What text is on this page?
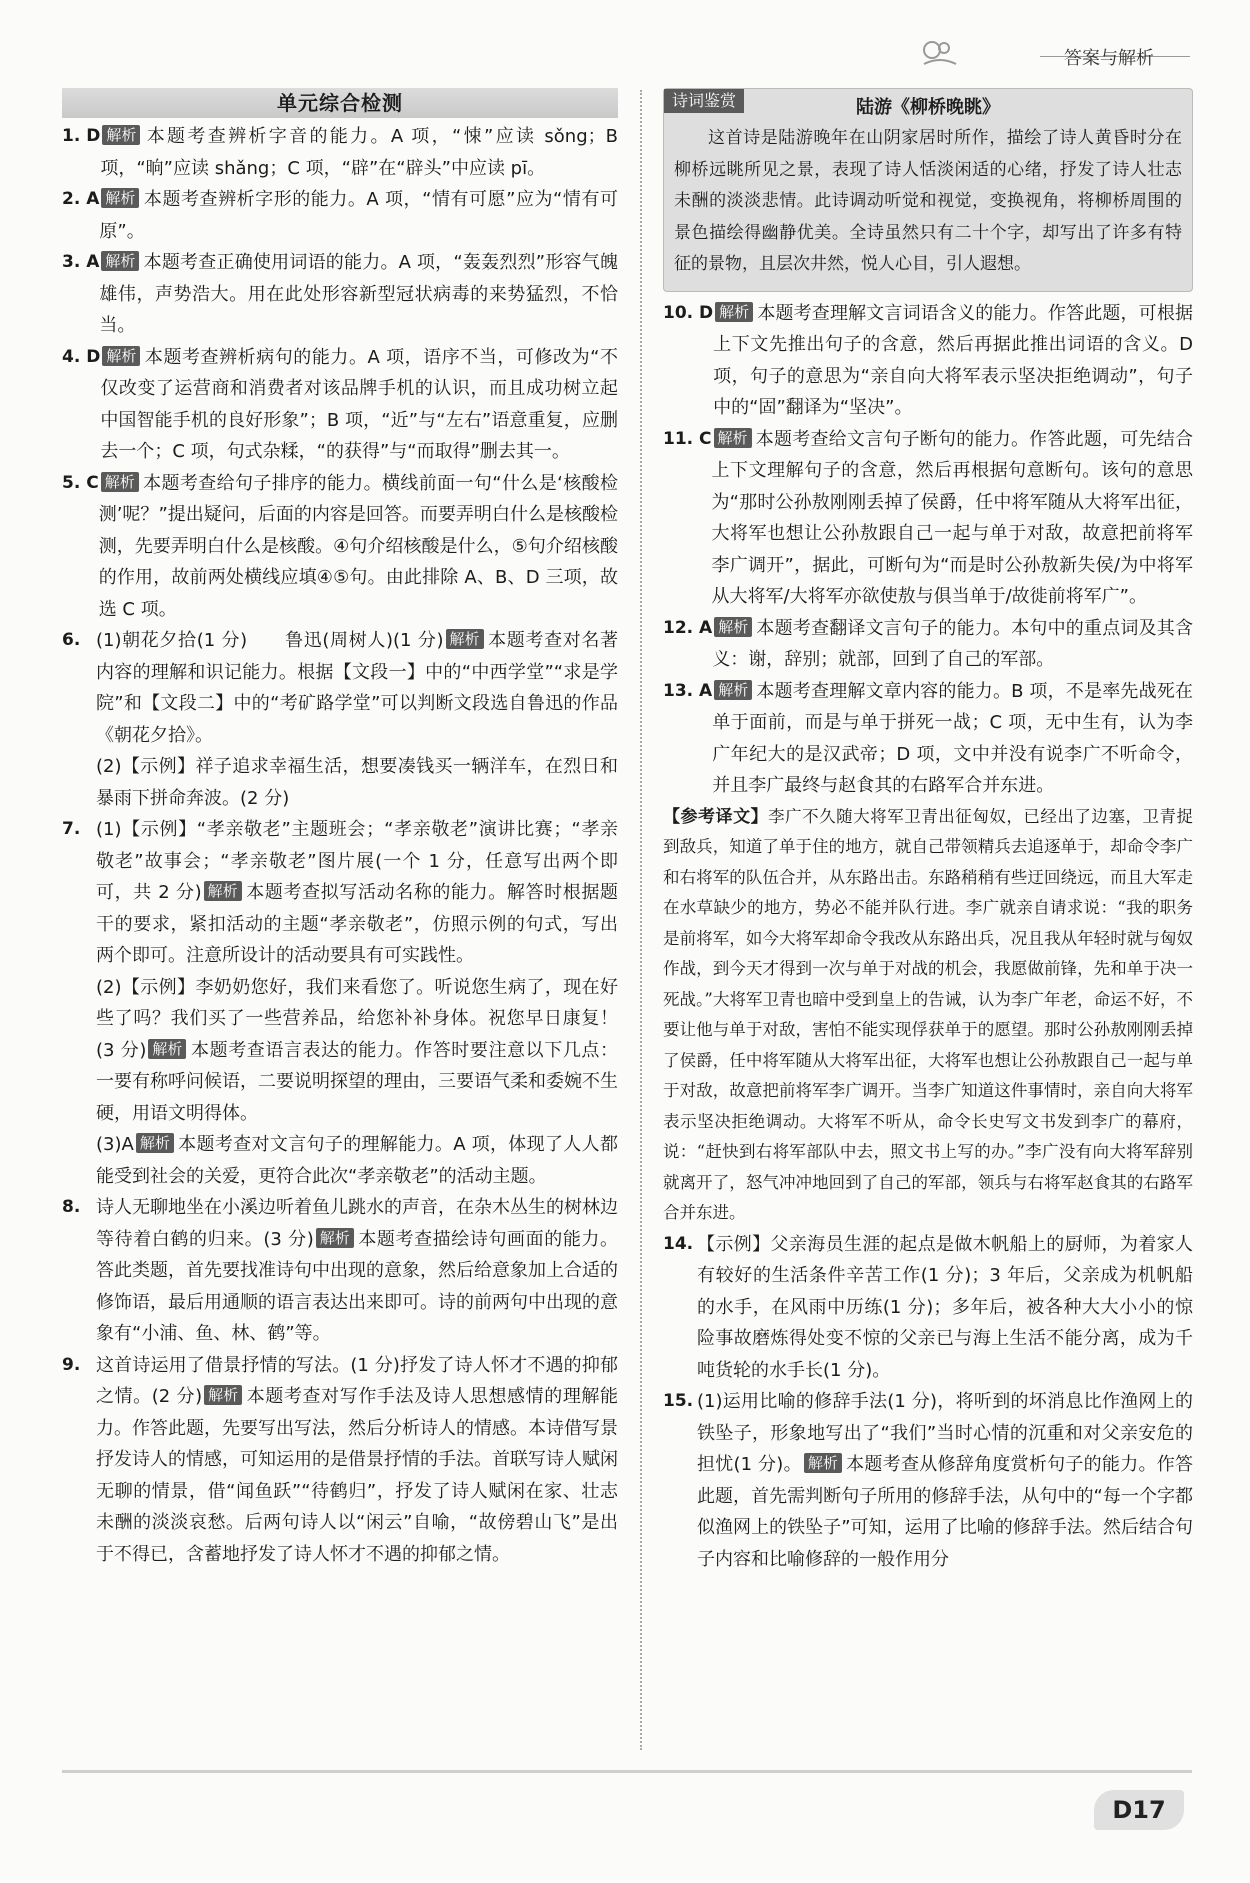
答案与解析
单元综合检测
1. D 解析 本题考查辨析字音的能力。A 项，“悚”应读 sǒng；B 项，“晌”应读 shǎng；C 项，“辟”在“辟头”中应读 pī。
2. A 解析 本题考查辨析字形的能力。A 项，“情有可愿”应为“情有可原”。
3. A 解析 本题考查正确使用词语的能力。A 项，“轰轰烈烈”形容气魄雄伟，声势浩大。用在此处形容新型冠状病毒的来势猛烈，不恰当。
4. D 解析 本题考查辨析病句的能力。A 项，语序不当，可修改为“不仅改变了运营商和消费者对该品牌手机的认识，而且成功树立起中国智能手机的良好形象”；B 项，“近”与“左右”语意重复，应删去一个；C 项，句式杂糅，“的获得”与“而取得”删去其一。
5. C 解析 本题考查给句子排序的能力。横线前面一句“什么是‘核酸检测’呢？”提出疑问，后面的内容是回答。而要弄明白什么是核酸检测，先要弄明白什么是核酸。④句介绍核酸是什么，⑤句介绍核酸的作用，故前两处横线应填④⑤句。由此排除 A、B、D 三项，故选 C 项。
6. (1)朝花夕拾(1 分)　　鲁迅(周树人)(1 分) 解析 本题考查对名著内容的理解和识记能力。根据【文段一】中的“中西学堂”“求是学院”和【文段二】中的“考矿路学堂”可以判断文段选自鲁迅的作品《朝花夕拾》。
(2)【示例】祥子追求幸福生活，想要凑钱买一辆洋车，在烈日和暴雨下拼命奔波。(2 分)
7. (1)【示例】“孝亲敬老”主题班会；“孝亲敬老”演讲比赛；“孝亲敬老”故事会；“孝亲敬老”图片展(一个 1 分，任意写出两个即可，共 2 分) 解析 本题考查拟写活动名称的能力。解答时根据题干的要求，紧扣活动的主题“孝亲敬老”，仿照示例的句式，写出两个即可。注意所设计的活动要具有可实践性。
(2)【示例】李奶奶您好，我们来看您了。听说您生病了，现在好些了吗？我们买了一些营养品，给您补补身体。祝您早日康复！(3 分) 解析 本题考查语言表达的能力。作答时要注意以下几点：一要有称呼问候语，二要说明探望的理由，三要语气柔和委婉不生硬，用语文明得体。
(3)A 解析 本题考查对文言句子的理解能力。A 项，体现了人人都能受到社会的关爱，更符合此次“孝亲敬老”的活动主题。
8. 诗人无聊地坐在小溪边听着鱼儿跳水的声音，在杂木丛生的树林边等待着白鹤的归来。(3 分) 解析 本题考查描绘诗句画面的能力。答此类题，首先要找准诗句中出现的意象，然后给意象加上合适的修饰语，最后用通顺的语言表达出来即可。诗的前两句中出现的意象有“小浦、鱼、林、鹤”等。
9. 这首诗运用了借景抒情的写法。(1 分)抒发了诗人怀才不遇的抑郁之情。(2 分) 解析 本题考查对写作手法及诗人思想感情的理解能力。作答此题，先要写出写法，然后分析诗人的情感。本诗借写景抒发诗人的情感，可知运用的是借景抒情的手法。首联写诗人赋闲无聊的情景，借“闻鱼跃”“待鹤归”，抒发了诗人赋闲在家、壮志未酬的淡淡哀愁。后两句诗人以“闲云”自喻，“故傍碧山飞”是出于不得已，含蓄地抒发了诗人怀才不遇的抑郁之情。
诗词鉴赏	陆游《柳桥晚眺》
这首诗是陆游晚年在山阴家居时所作，描绘了诗人黄昏时分在柳桥远眺所见之景，表现了诗人恬淡闲适的心绪，抒发了诗人壮志未酬的淡淡悲情。此诗调动听觉和视觉，变换视角，将柳桥周围的景色描绘得幽静优美。全诗虽然只有二十个字，却写出了许多有特征的景物，且层次井然，悦人心目，引人遐想。
10. D 解析 本题考查理解文言词语含义的能力。作答此题，可根据上下文先推出句子的含意，然后再据此推出词语的含义。D 项，句子的意思为“亲自向大将军表示坚决拒绝调动”，句子中的“固”翻译为“坚决”。
11. C 解析 本题考查给文言句子断句的能力。作答此题，可先结合上下文理解句子的含意，然后再根据句意断句。该句的意思为“那时公孙敖刚刚丢掉了侯爵，任中将军随从大将军出征，大将军也想让公孙敖跟自己一起与单于对敌，故意把前将军李广调开”，据此，可断句为“而是时公孙敖新失侯/为中将军从大将军/大将军亦欲使敖与俱当单于/故徙前将军广”。
12. A 解析 本题考查翻译文言句子的能力。本句中的重点词及其含义：谢，辞别；就部，回到了自己的军部。
13. A 解析 本题考查理解文章内容的能力。B 项，不是率先战死在单于面前，而是与单于拼死一战；C 项，无中生有，认为李广年纪大的是汉武帝；D 项，文中并没有说李广不听命令，并且李广最终与赵食其的右路军合并东进。
【参考译文】李广不久随大将军卫青出征匈奴，已经出了边塞，卫青捉到敌兵，知道了单于住的地方，就自己带领精兵去追逐单于，却命令李广和右将军的队伍合并，从东路出击。东路稍稍有些迂回绕远，而且大军走在水草缺少的地方，势必不能并队行进。李广就亲自请求说：“我的职务是前将军，如今大将军却命令我改从东路出兵，况且我从年轻时就与匈奴作战，到今天才得到一次与单于对战的机会，我愿做前锋，先和单于决一死战。”大将军卫青也暗中受到皇上的告诫，认为李广年老，命运不好，不要让他与单于对敌，害怕不能实现俘获单于的愿望。那时公孙敖刚刚丢掉了侯爵，任中将军随从大将军出征，大将军也想让公孙敖跟自己一起与单于对敌，故意把前将军李广调开。当李广知道这件事情时，亲自向大将军表示坚决拒绝调动。大将军不听从，命令长史写文书发到李广的幕府，说：“赶快到右将军部队中去，照文书上写的办。”李广没有向大将军辞别就离开了，怒气冲冲地回到了自己的军部，领兵与右将军赵食其的右路军合并东进。
14. 【示例】父亲海员生涯的起点是做木帆船上的厨师，为着家人有较好的生活条件辛苦工作(1 分)；3 年后，父亲成为机帆船的水手，在风雨中历练(1 分)；多年后，被各种大大小小的惊险事故磨炼得处变不惊的父亲已与海上生活不能分离，成为千吨货轮的水手长(1 分)。
15. (1)运用比喻的修辞手法(1 分)，将听到的坏消息比作渔网上的铁坠子，形象地写出了“我们”当时心情的沉重和对父亲安危的担忧(1 分)。 解析 本题考查从修辞角度赏析句子的能力。作答此题，首先需判断句子所用的修辞手法，从句中的“每一个字都似渔网上的铁坠子”可知，运用了比喻的修辞手法。然后结合句子内容和比喻修辞的一般作用分
D17
